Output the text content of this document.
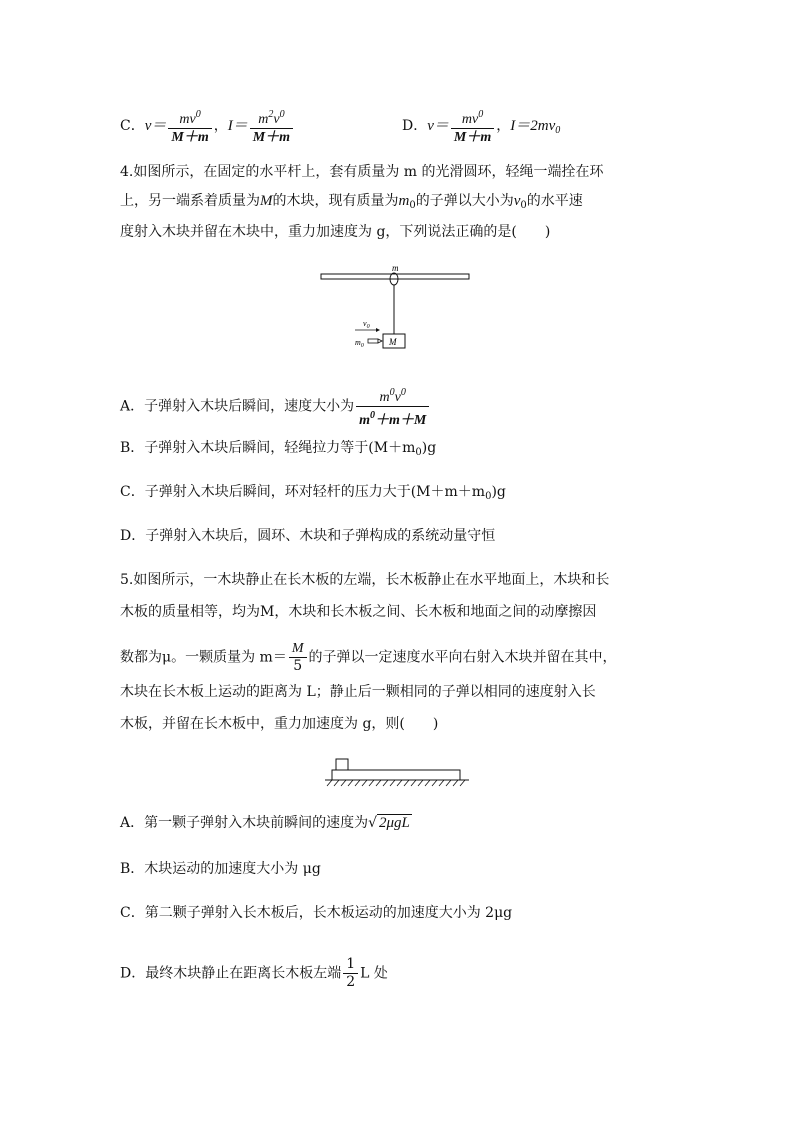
C．$v= \frac{mv^0}{M+m}$ ，$I= \frac{m^2v^0}{M+m}$	D．$v= \frac{mv^0}{M+m}$ ，$I=2mv_0$
4.如图所示，在固定的水平杆上，套有质量为 m 的光滑圆环，轻绳一端拴在环
上，另一端系着质量为M的木块，现有质量为$m_0$的子弹以大小为$v_0$的水平速
度射入木块并留在木块中，重力加速度为 g，下列说法正确的是(　　)
m
M
$v_0$
$m_0$
A．子弹射入木块后瞬间，速度大小为 $\frac{m^0v^0}{m^0+m+M}$
B．子弹射入木块后瞬间，轻绳拉力等于$(M+m_0)g$
C．子弹射入木块后瞬间，环对轻杆的压力大于$(M+m+m_0)g$
D．子弹射入木块后，圆环、木块和子弹构成的系统动量守恒
5.如图所示，一木块静止在长木板的左端，长木板静止在水平地面上，木块和长
木板的质量相等，均为M，木块和长木板之间、长木板和地面之间的动摩擦因
数都为μ。一颗质量为 $m= \frac{M}{5}$ 的子弹以一定速度水平向右射入木块并留在其中，
木块在长木板上运动的距离为 L；静止后一颗相同的子弹以相同的速度射入长
木板，并留在长木板中，重力加速度为 g，则(　　)
A．第一颗子弹射入木块前瞬间的速度为√ 2μgL
B．木块运动的加速度大小为 μg
C．第二颗子弹射入长木板后，长木板运动的加速度大小为 2μg
D．最终木块静止在距离长木板左端 $\frac{1}{2}$ L 处
